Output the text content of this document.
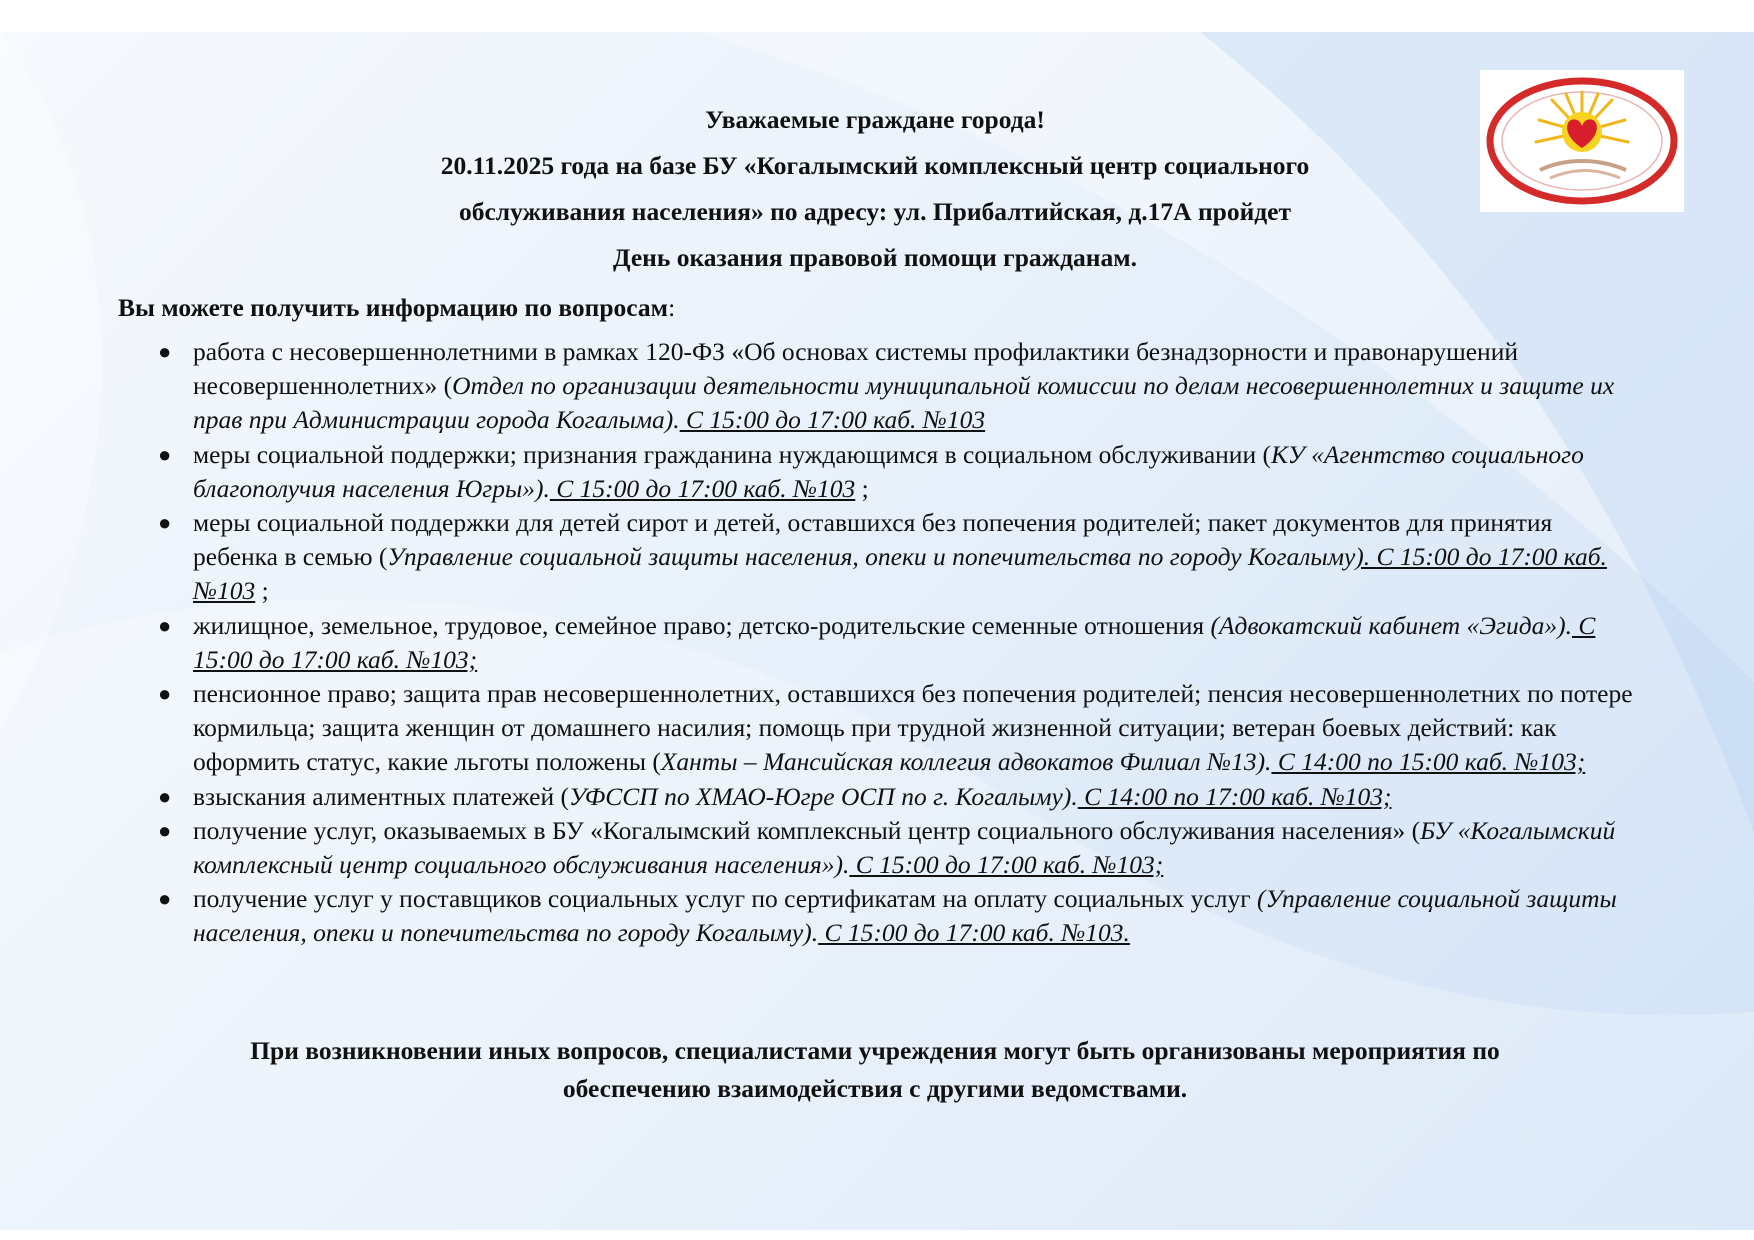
Уважаемые граждане города!
20.11.2025 года на базе БУ «Когалымский комплексный центр социального
обслуживания населения» по адресу: ул. Прибалтийская, д.17А пройдет
День оказания правовой помощи гражданам.
Вы можете получить информацию по вопросам:
● работа с несовершеннолетними в рамках 120-ФЗ «Об основах системы профилактики безнадзорности и правонарушений несовершеннолетних» (Отдел по организации деятельности муниципальной комиссии по делам несовершеннолетних и защите их прав при Администрации города Когалыма). С 15:00 до 17:00 каб. №103
● меры социальной поддержки; признания гражданина нуждающимся в социальном обслуживании (КУ «Агентство социального благополучия населения Югры»). С 15:00 до 17:00 каб. №103 ;
● меры социальной поддержки для детей сирот и детей, оставшихся без попечения родителей; пакет документов для принятия ребенка в семью (Управление социальной защиты населения, опеки и попечительства по городу Когалыму). С 15:00 до 17:00 каб. №103 ;
● жилищное, земельное, трудовое, семейное право; детско-родительские семенные отношения (Адвокатский кабинет «Эгида»). С 15:00 до 17:00 каб. №103;
● пенсионное право; защита прав несовершеннолетних, оставшихся без попечения родителей; пенсия несовершеннолетних по потере кормильца; защита женщин от домашнего насилия; помощь при трудной жизненной ситуации; ветеран боевых действий: как оформить статус, какие льготы положены (Ханты – Мансийская коллегия адвокатов Филиал №13). С 14:00 по 15:00 каб. №103;
● взыскания алиментных платежей (УФССП по ХМАО-Югре ОСП по г. Когалыму). С 14:00 по 17:00 каб. №103;
● получение услуг, оказываемых в БУ «Когалымский комплексный центр социального обслуживания населения» (БУ «Когалымский комплексный центр социального обслуживания населения»). С 15:00 до 17:00 каб. №103;
● получение услуг у поставщиков социальных услуг по сертификатам на оплату социальных услуг (Управление социальной защиты населения, опеки и попечительства по городу Когалыму). С 15:00 до 17:00 каб. №103.
При возникновении иных вопросов, специалистами учреждения могут быть организованы мероприятия по
обеспечению взаимодействия с другими ведомствами.
